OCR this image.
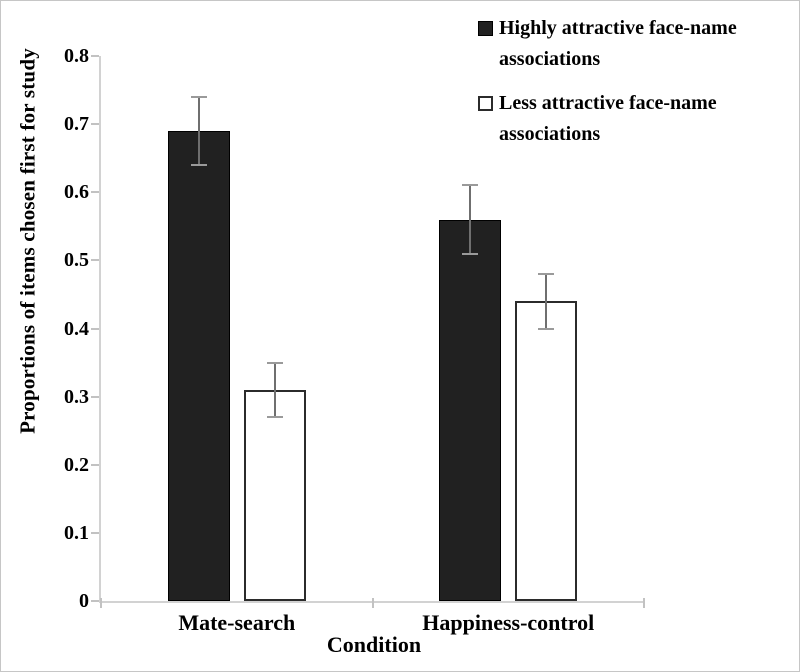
0
0.1
0.2
0.3
0.4
0.5
0.6
0.7
0.8
Mate-search	Happiness-control
Proportions of items chosen first for study
Condition
Highly attractive face-name
associations
Less attractive face-name
associations
